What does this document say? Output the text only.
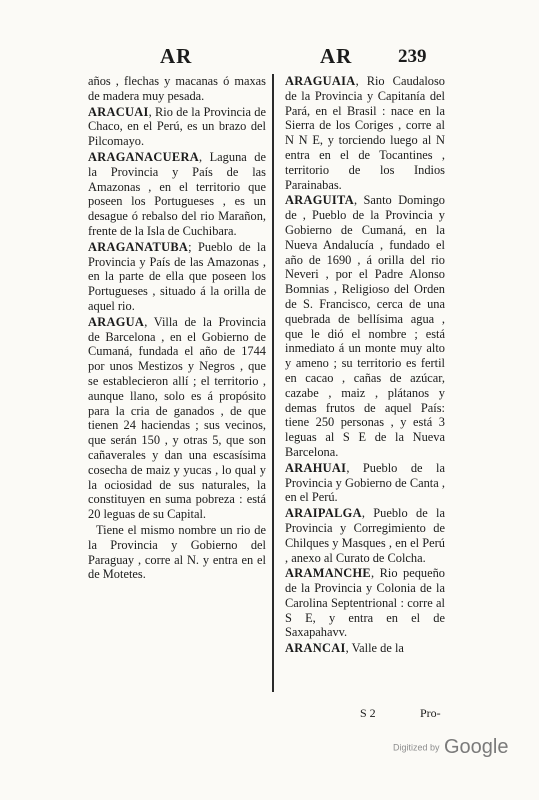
AR	AR 239

años , flechas y macanas ó maxas de madera muy pesada.

ARACUAI, Rio de la Provincia de Chaco, en el Perú, es un brazo del Pilcomayo.

ARAGANACUERA, Laguna de la Provincia y País de las Amazonas , en el territorio que poseen los Portugueses , es un desague ó rebalso del rio Marañon, frente de la Isla de Cuchibara.

ARAGANATUBA; Pueblo de la Provincia y País de las Amazonas , en la parte de ella que poseen los Portugueses , situado á la orilla de aquel rio.

ARAGUA, Villa de la Provincia de Barcelona , en el Gobierno de Cumaná, fundada el año de 1744 por unos Mestizos y Negros , que se establecieron allí ; el territorio , aunque llano, solo es á propósito para la cria de ganados , de que tienen 24 haciendas ; sus vecinos, que serán 150 , y otras 5, que son cañaverales y dan una escasísima cosecha de maiz y yucas , lo qual y la ociosidad de sus naturales, la constituyen en suma pobreza : está 20 leguas de su Capital.

Tiene el mismo nombre un rio de la Provincia y Gobierno del Paraguay , corre al N. y entra en el de Motetes.

ARAGUAIA, Rio Caudaloso de la Provincia y Capitanía del Pará, en el Brasil : nace en la Sierra de los Coriges , corre al N N E, y torciendo luego al N entra en el de Tocantines , territorio de los Indios Parainabas.

ARAGUITA, Santo Domingo de , Pueblo de la Provincia y Gobierno de Cumaná, en la Nueva Andalucía , fundado el año de 1690 , á orilla del rio Neveri , por el Padre Alonso Bomnias , Religioso del Orden de S. Francisco, cerca de una quebrada de bellísima agua , que le dió el nombre ; está inmediato á un monte muy alto y ameno ; su territorio es fertil en cacao , cañas de azúcar, cazabe , maiz , plátanos y demas frutos de aquel País: tiene 250 personas , y está 3 leguas al S E de la Nueva Barcelona.

ARAHUAI, Pueblo de la Provincia y Gobierno de Canta , en el Perú.

ARAIPALGA, Pueblo de la Provincia y Corregimiento de Chilques y Masques , en el Perú , anexo al Curato de Colcha.

ARAMANCHE, Rio pequeño de la Provincia y Colonia de la Carolina Septentrional : corre al S E, y entra en el de Saxapahavv.

ARANCAI, Valle de la

S 2	Pro-
Digitized by Google
